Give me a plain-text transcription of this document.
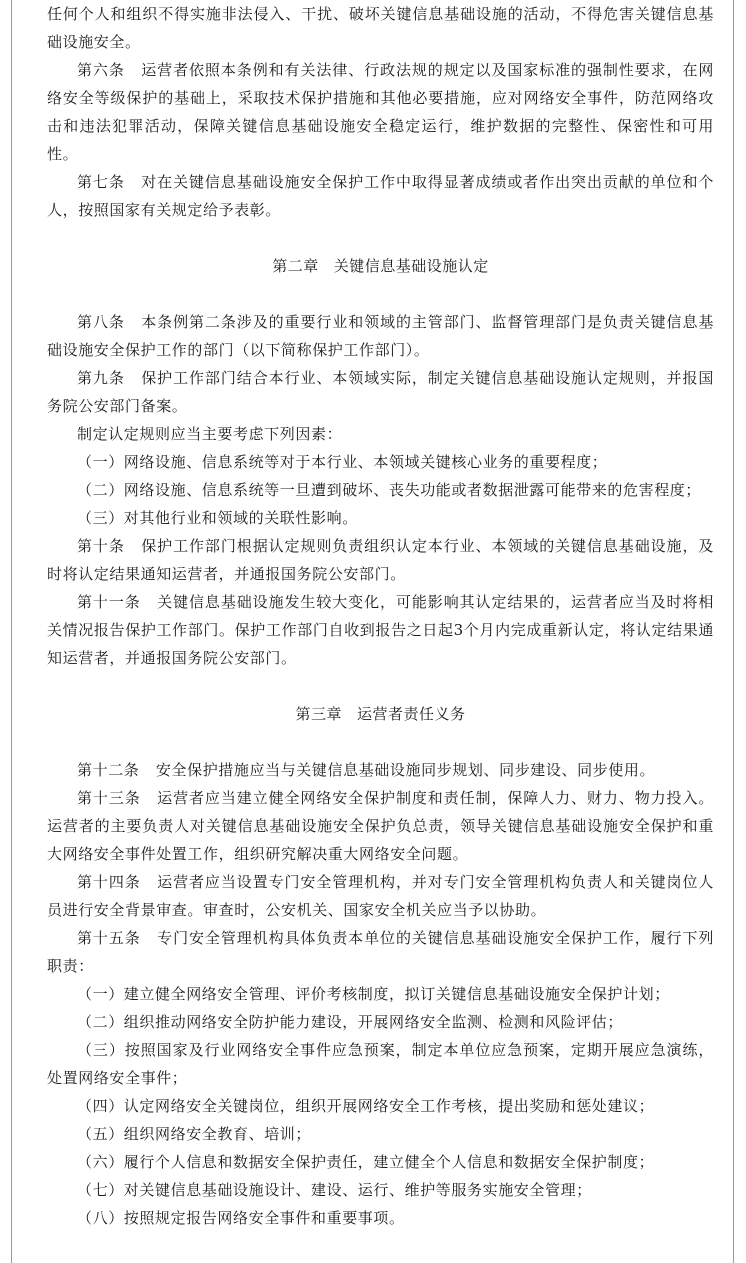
任何个人和组织不得实施非法侵入、干扰、破坏关键信息基础设施的活动，不得危害关键信息基础设施安全。

第六条 运营者依照本条例和有关法律、行政法规的规定以及国家标准的强制性要求，在网络安全等级保护的基础上，采取技术保护措施和其他必要措施，应对网络安全事件，防范网络攻击和违法犯罪活动，保障关键信息基础设施安全稳定运行，维护数据的完整性、保密性和可用性。

第七条 对在关键信息基础设施安全保护工作中取得显著成绩或者作出突出贡献的单位和个人，按照国家有关规定给予表彰。

第二章 关键信息基础设施认定

第八条 本条例第二条涉及的重要行业和领域的主管部门、监督管理部门是负责关键信息基础设施安全保护工作的部门（以下简称保护工作部门）。

第九条 保护工作部门结合本行业、本领域实际，制定关键信息基础设施认定规则，并报国务院公安部门备案。

制定认定规则应当主要考虑下列因素：

（一）网络设施、信息系统等对于本行业、本领域关键核心业务的重要程度；

（二）网络设施、信息系统等一旦遭到破坏、丧失功能或者数据泄露可能带来的危害程度；

（三）对其他行业和领域的关联性影响。

第十条 保护工作部门根据认定规则负责组织认定本行业、本领域的关键信息基础设施，及时将认定结果通知运营者，并通报国务院公安部门。

第十一条 关键信息基础设施发生较大变化，可能影响其认定结果的，运营者应当及时将相关情况报告保护工作部门。保护工作部门自收到报告之日起3个月内完成重新认定，将认定结果通知运营者，并通报国务院公安部门。

第三章 运营者责任义务

第十二条 安全保护措施应当与关键信息基础设施同步规划、同步建设、同步使用。

第十三条 运营者应当建立健全网络安全保护制度和责任制，保障人力、财力、物力投入。运营者的主要负责人对关键信息基础设施安全保护负总责，领导关键信息基础设施安全保护和重大网络安全事件处置工作，组织研究解决重大网络安全问题。

第十四条 运营者应当设置专门安全管理机构，并对专门安全管理机构负责人和关键岗位人员进行安全背景审查。审查时，公安机关、国家安全机关应当予以协助。

第十五条 专门安全管理机构具体负责本单位的关键信息基础设施安全保护工作，履行下列职责：

（一）建立健全网络安全管理、评价考核制度，拟订关键信息基础设施安全保护计划；

（二）组织推动网络安全防护能力建设，开展网络安全监测、检测和风险评估；

（三）按照国家及行业网络安全事件应急预案，制定本单位应急预案，定期开展应急演练，处置网络安全事件；

（四）认定网络安全关键岗位，组织开展网络安全工作考核，提出奖励和惩处建议；

（五）组织网络安全教育、培训；

（六）履行个人信息和数据安全保护责任，建立健全个人信息和数据安全保护制度；

（七）对关键信息基础设施设计、建设、运行、维护等服务实施安全管理；

（八）按照规定报告网络安全事件和重要事项。
